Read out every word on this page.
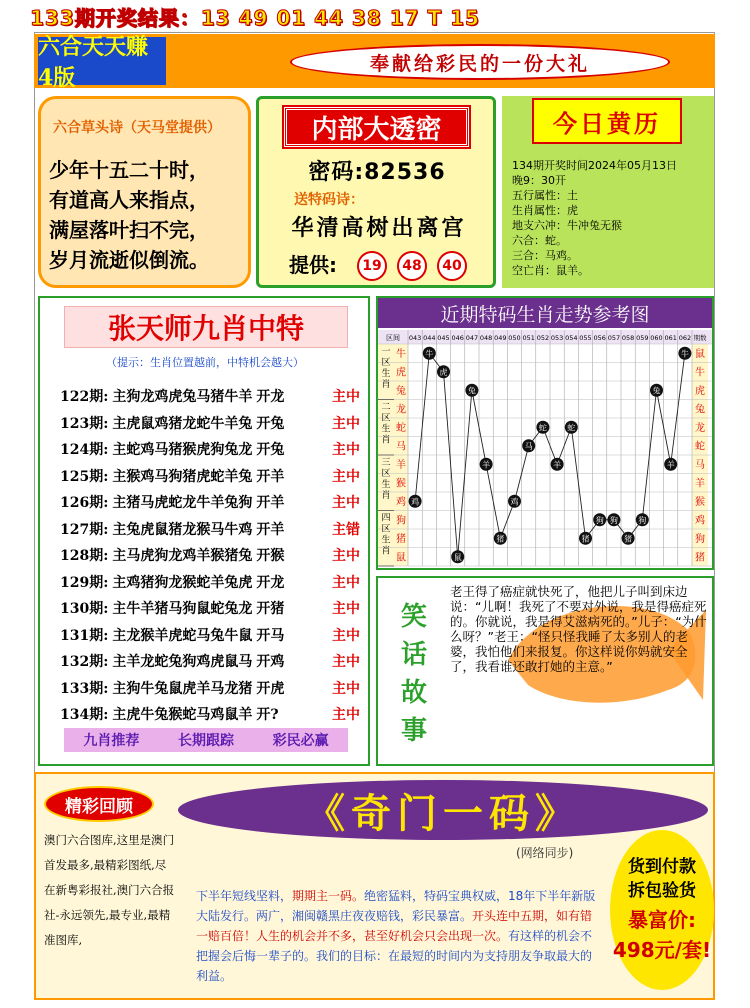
133期开奖结果：13 49 01 44 38 17 T 15
六合天天赚 4版
奉献给彩民的一份大礼
六合草头诗（天马堂提供）
少年十五二十时，
有道高人来指点，
满屋落叶扫不完，
岁月流逝似倒流。
内部大透密
密码:82536
送特码诗：
华清高树出离宫
提供:	19	48	40
今日黄历
134期开奖时间2024年05月13日
晚9：30开
五行属性：土
生肖属性：虎
地支六冲：牛冲兔无猴
六合：蛇。
三合：马鸡。
空亡肖：鼠羊。
张天师九肖中特
（提示：生肖位置越前，中特机会越大）
122期: 主狗龙鸡虎兔马猪牛羊 开龙	主中
123期: 主虎鼠鸡猪龙蛇牛羊兔 开兔	主中
124期: 主蛇鸡马猪猴虎狗兔龙 开兔	主中
125期: 主猴鸡马狗猪虎蛇羊兔 开羊	主中
126期: 主猪马虎蛇龙牛羊兔狗 开羊	主中
127期: 主兔虎鼠猪龙猴马牛鸡 开羊	主错
128期: 主马虎狗龙鸡羊猴猪兔 开猴	主中
129期: 主鸡猪狗龙猴蛇羊兔虎 开龙	主中
130期: 主牛羊猪马狗鼠蛇兔龙 开猪	主中
131期: 主龙猴羊虎蛇马兔牛鼠 开马	主中
132期: 主羊龙蛇兔狗鸡虎鼠马 开鸡	主中
133期: 主狗牛兔鼠虎羊马龙猪 开虎	主中
134期: 主虎牛兔猴蛇马鸡鼠羊 开?	主中
九肖推荐	长期跟踪	彩民必赢
近期特码生肖走势参考图
区间 043 044 045 046 047 048 049 050 051 052 053 054 055 056 057 058 059 060 061 062 期数
一
区
生
肖
二
区
生
肖
三
区
生
肖
四
区
生
肖
牛
虎
兔
龙
蛇
马
羊
猴
鸡
狗
猪
鼠
鼠
牛
虎
兔
龙
蛇
马
羊
猴
鸡
狗
猪
鸡
牛
虎
鼠
兔
羊
猪
鸡
马
蛇
羊
蛇
猪
狗 狗
猪
狗
兔
羊
牛
笑
话
故
事
老王得了癌症就快死了，他把儿子叫到床边说：“儿啊！我死了不要对外说，我是得癌症死的。你就说，我是得艾滋病死的。”儿子：“为什么呀？”老王：“怪只怪我睡了太多别人的老婆，我怕他们来报复。你这样说你妈就安全了，我看谁还敢打她的主意。”
精彩回顾
澳门六合图库,这里是澳门首发最多,最精彩图纸,尽在新粤彩报社,澳门六合报社-永远领先,最专业,最精准图库,
《奇门一码》
(网络同步)
下半年短线坚料，期期主一码。绝密猛料，特码宝典权威，18年下半年新版大陆发行。两广，湘闽赣黑庄夜夜赔钱，彩民暴富。开头连中五期，如有错一赔百倍！人生的机会并不多，甚至好机会只会出现一次。有这样的机会不把握会后悔一辈子的。我们的目标：在最短的时间内为支持朋友争取最大的利益。
货到付款
拆包验货
暴富价:
498元/套!
